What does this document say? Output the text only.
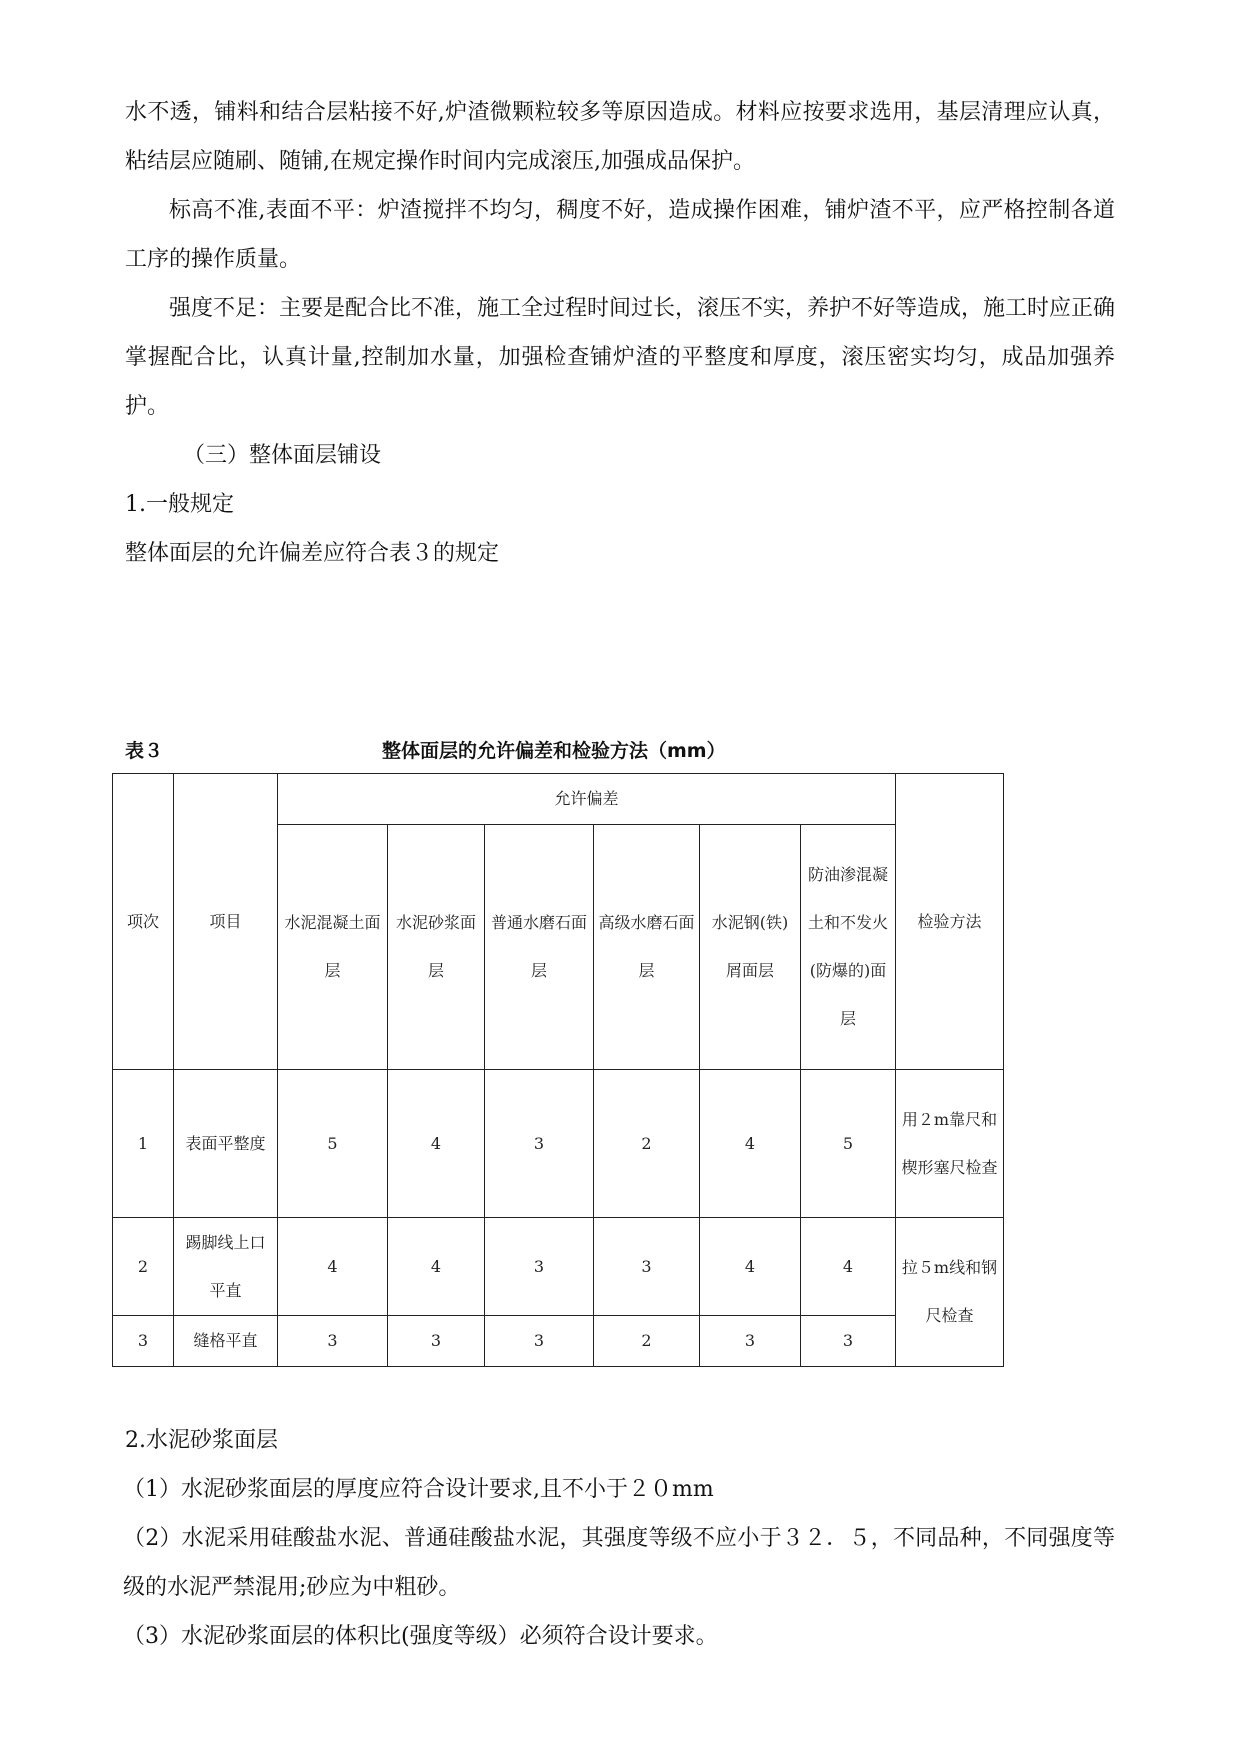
水不透，铺料和结合层粘接不好,炉渣微颗粒较多等原因造成。材料应按要求选用，基层清理应认真，粘结层应随刷、随铺,在规定操作时间内完成滚压,加强成品保护。

标高不准,表面不平：炉渣搅拌不均匀，稠度不好，造成操作困难，铺炉渣不平，应严格控制各道工序的操作质量。

强度不足：主要是配合比不准，施工全过程时间过长，滚压不实，养护不好等造成，施工时应正确掌握配合比，认真计量,控制加水量，加强检查铺炉渣的平整度和厚度，滚压密实均匀，成品加强养护。

（三）整体面层铺设

1.一般规定

整体面层的允许偏差应符合表３的规定

表３	整体面层的允许偏差和检验方法（mm）
项次	项目	允许偏差						检验方法
		水泥混凝土面层	水泥砂浆面层	普通水磨石面层	高级水磨石面层	水泥钢(铁)屑面层	防油渗混凝土和不发火(防爆的)面层	
1	表面平整度	5	4	3	2	4	5	用２m靠尺和楔形塞尺检查
2	踢脚线上口平直	4	4	3	3	4	4	拉５m线和钢尺检查
3	缝格平直	3	3	3	2	3	3	

2.水泥砂浆面层

（1）水泥砂浆面层的厚度应符合设计要求,且不小于２０mm

（2）水泥采用硅酸盐水泥、普通硅酸盐水泥，其强度等级不应小于３２．５，不同品种，不同强度等级的水泥严禁混用;砂应为中粗砂。

（3）水泥砂浆面层的体积比(强度等级）必须符合设计要求。
